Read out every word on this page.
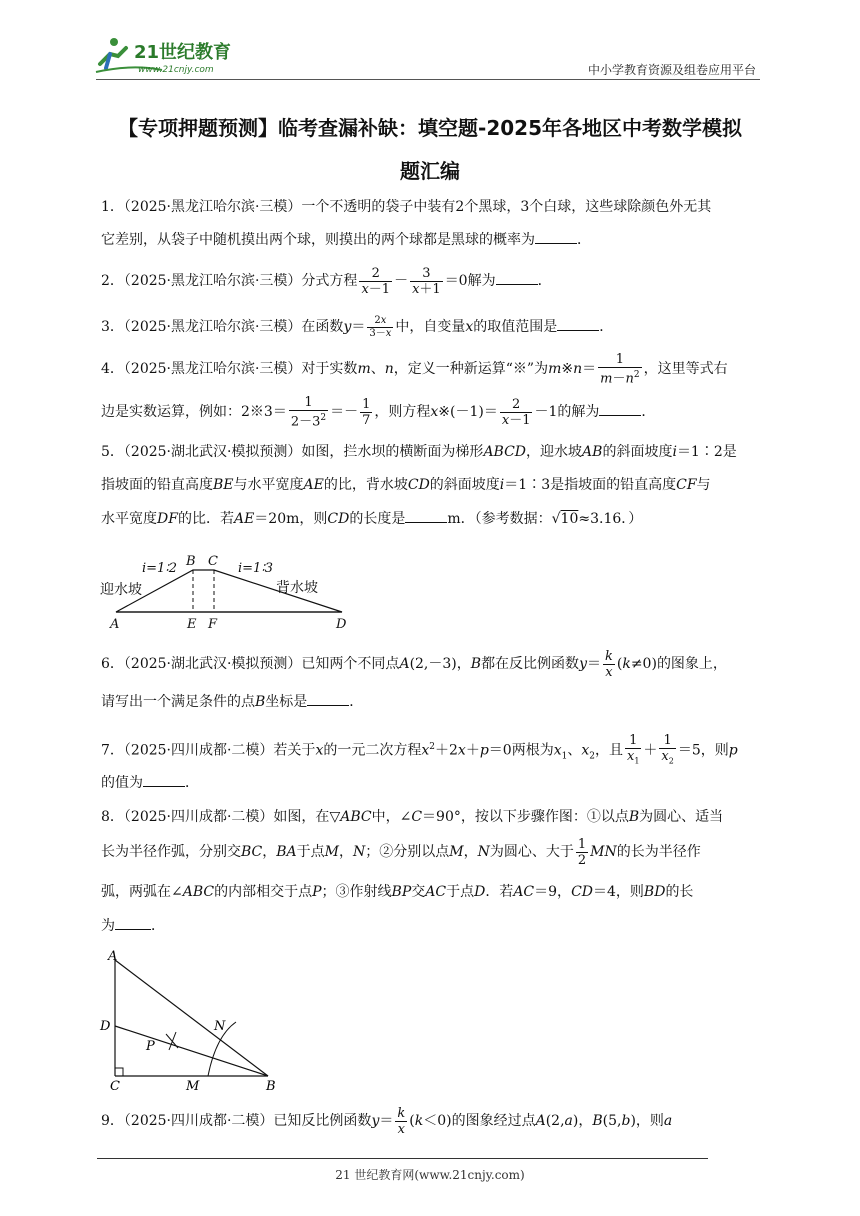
21世纪教育
www.21cnjy.com	中小学教育资源及组卷应用平台
【专项押题预测】临考查漏补缺：填空题-2025年各地区中考数学模拟
题汇编
1．（2025·黑龙江哈尔滨·三模）一个不透明的袋子中装有2个黑球，3个白球，这些球除颜色外无其
它差别，从袋子中随机摸出两个球，则摸出的两个球都是黑球的概率为	．
2．（2025·黑龙江哈尔滨·三模）分式方程 $\frac{2}{x-1} - \frac{3}{x+1} =0$解为	．
3．（2025·黑龙江哈尔滨·三模）在函数$y= \frac{2x}{3-x}$ 中，自变量x的取值范围是	．
4．（2025·黑龙江哈尔滨·三模）对于实数m、n，定义一种新运算“※”为m※n＝ $\frac{1}{m-n^2}$ ，这里等式右
边是实数运算，例如：2※3＝ $\frac{1}{2-3^2} =- \frac{1}{7}$ ，则方程x※(－1)＝ $\frac{2}{x-1} -1$的解为	．
5．（2025·湖北武汉·模拟预测）如图，拦水坝的横断面为梯形ABCD，迎水坡AB的斜面坡度i＝1∶2是
指坡面的铅直高度BE与水平宽度AE的比，背水坡CD的斜面坡度i＝1∶3是指坡面的铅直高度CF与
水平宽度DF的比．若AE＝20m，则CD的长度是	m．（参考数据：√10≈3.16．）
i=1∶2	i=1∶3
迎水坡	背水坡
B C
A	E F	D
6．（2025·湖北武汉·模拟预测）已知两个不同点A(2,－3)，B都在反比例函数$y= \frac{k}{x} (k\ne 0)$的图象上，
请写出一个满足条件的点B坐标是	．
7．（2025·四川成都·二模）若关于x的一元二次方程$x^2+2x+p=0$两根为$x_1$、$x_2$，且 $\frac{1}{x_1} + \frac{1}{x_2} =5$，则p
的值为	．
8．（2025·四川成都·二模）如图，在▽ABC中，∠C＝90°，按以下步骤作图：①以点B为圆心、适当
长为半径作弧，分别交BC，BA于点M，N；②分别以点M，N为圆心、大于 $\frac{1}{2}$ MN的长为半径作
弧，两弧在∠ABC的内部相交于点P；③作射线BP交AC于点D．若AC＝9，CD＝4，则BD的长
为	．
A
D
C	M	B
N
P
9．（2025·四川成都·二模）已知反比例函数$y= \frac{k}{x} (k<0)$的图象经过点A(2,a)，B(5,b)，则a
21 世纪教育网(www.21cnjy.com)
